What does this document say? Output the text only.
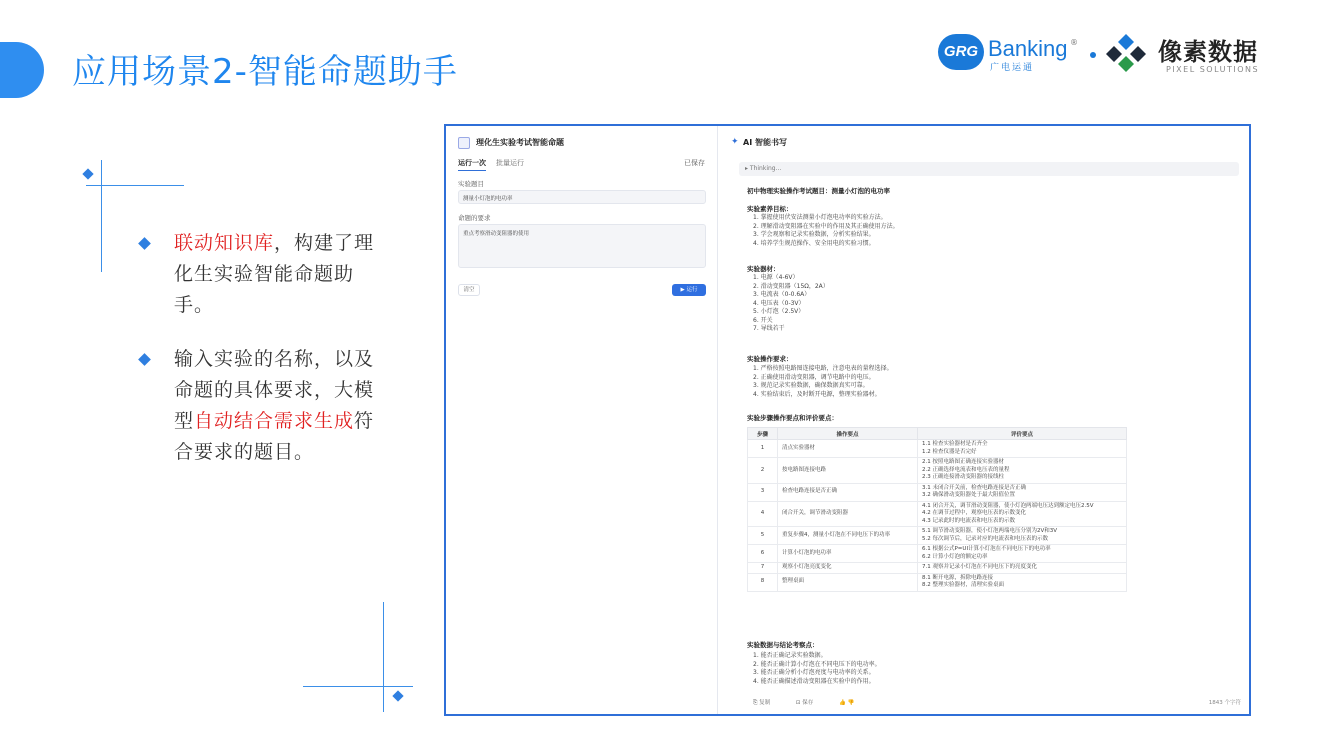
应用场景2-智能命题助手
GRG Banking ®
广电运通
像素数据
PIXEL SOLUTIONS
联动知识库，构建了理化生实验智能命题助手。
输入实验的名称，以及命题的具体要求，大模型自动结合需求生成符合要求的题目。
理化生实验考试智能命题
运行一次 批量运行	已保存
实验题目
测量小灯泡的电功率
命题的要求
重点考察滑动变阻器的使用
清空	▶ 运行
✦ AI 智能书写
▸ Thinking...
初中物理实验操作考试题目：测量小灯泡的电功率
实验素养目标：
1. 掌握使用伏安法测量小灯泡电功率的实验方法。
2. 理解滑动变阻器在实验中的作用及其正确使用方法。
3. 学会观察和记录实验数据，分析实验结果。
4. 培养学生规范操作、安全用电的实验习惯。
实验器材：
1. 电源（4-6V）
2. 滑动变阻器（15Ω，2A）
3. 电流表（0-0.6A）
4. 电压表（0-3V）
5. 小灯泡（2.5V）
6. 开关
7. 导线若干
实验操作要求：
1. 严格按照电路图连接电路，注意电表的量程选择。
2. 正确使用滑动变阻器，调节电路中的电压。
3. 规范记录实验数据，确保数据真实可靠。
4. 实验结束后，及时断开电源，整理实验器材。
实验步骤操作要点和评价要点：
步骤	操作要点	评价要点
1	清点实验器材	1.1 检查实验器材是否齐全
1.2 检查仪器是否完好

2	按电路图连接电路	2.1 按照电路图正确连接实验器材
2.2 正确选择电流表和电压表的量程
2.3 正确连接滑动变阻器的接线柱

3	检查电路连接是否正确	3.1 未闭合开关前，检查电路连接是否正确
3.2 确保滑动变阻器处于最大阻值位置

4	闭合开关，调节滑动变阻器	4.1 闭合开关，调节滑动变阻器，使小灯泡两端电压达到额定电压2.5V
4.2 在调节过程中，观察电压表的示数变化
4.3 记录此时的电流表和电压表的示数

5	重复步骤4，测量小灯泡在不同电压下的功率	5.1 调节滑动变阻器，使小灯泡两端电压分别为2V和3V
5.2 每次调节后，记录对应的电流表和电压表的示数

6	计算小灯泡的电功率	6.1 根据公式P=UI计算小灯泡在不同电压下的电功率
6.2 计算小灯泡的额定功率

7	观察小灯泡亮度变化	7.1 观察并记录小灯泡在不同电压下的亮度变化

8	整理桌面	8.1 断开电源，拆除电路连接
8.2 整理实验器材，清理实验桌面
实验数据与结论考察点：
1. 能否正确记录实验数据。
2. 能否正确计算小灯泡在不同电压下的电功率。
3. 能否正确分析小灯泡亮度与电功率的关系。
4. 能否正确描述滑动变阻器在实验中的作用。
⎘ 复制	⊡ 保存	👍 👎	1843 个字符
